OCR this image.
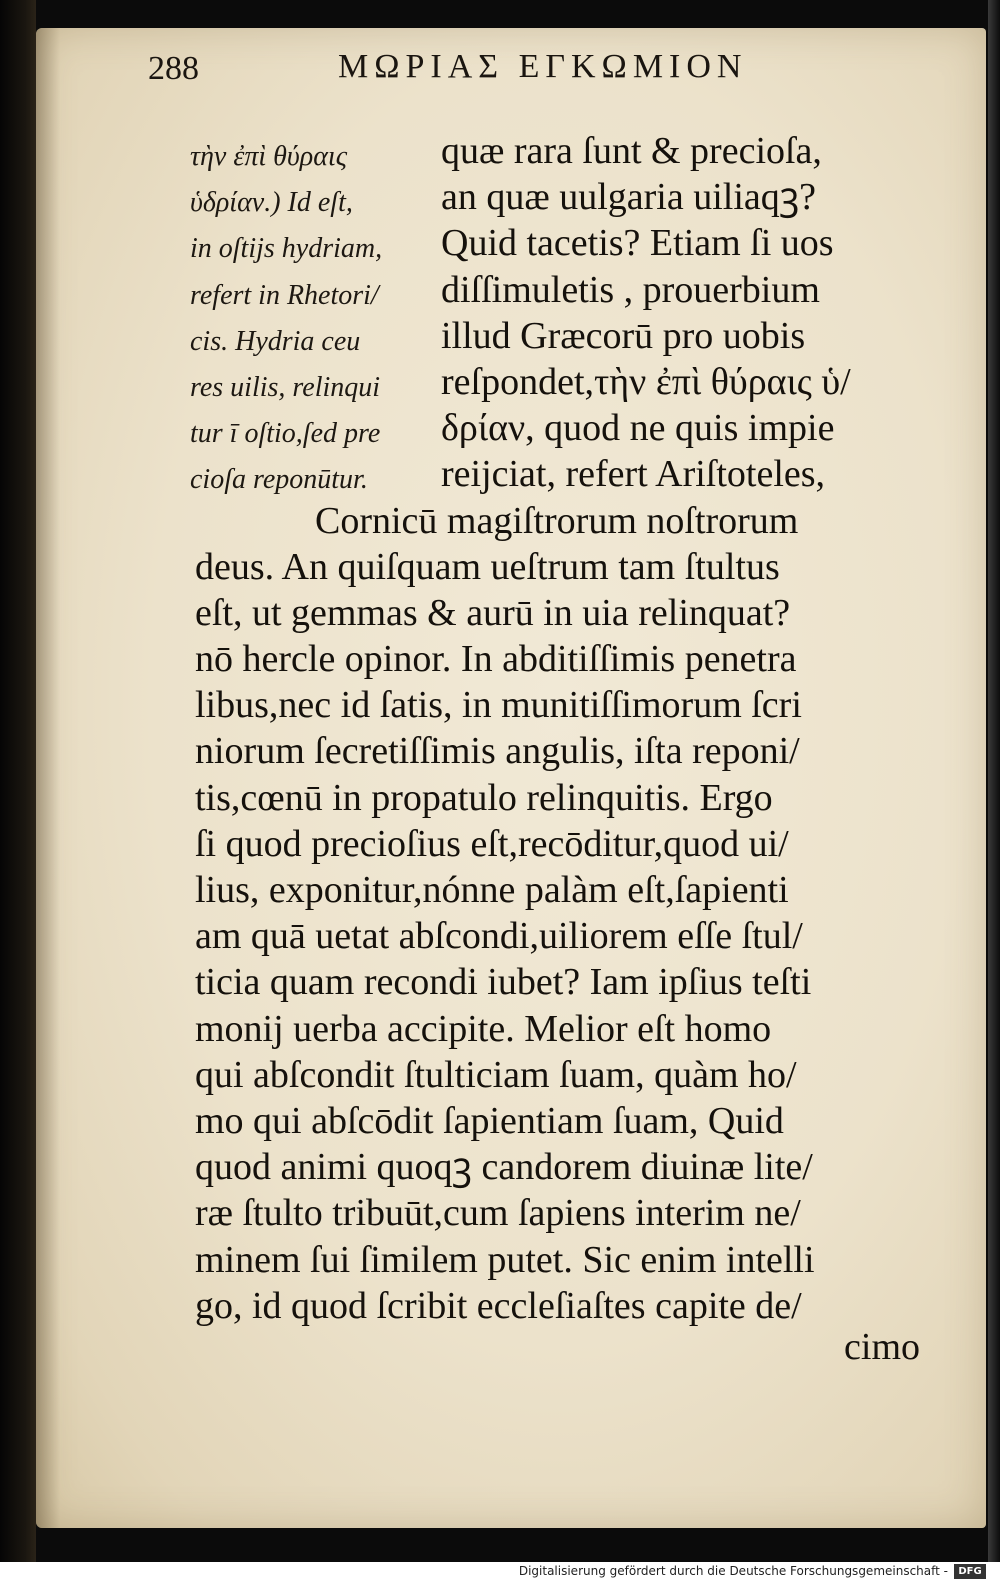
288	ΜΩΡΙΑΣ ΕΓΚΩΜΙΟΝ
τὴν ἐπὶ θύραις
ὑδρίαν.) Id eſt,
in oſtijs hydriam,
refert in Rhetori/
cis. Hydria ceu
res uilis, relinqui
tur ī oſtio,ſed pre
cioſa reponūtur.
quæ rara ſunt & precioſa,
an quæ uulgaria uiliaqꝫ?
Quid tacetis? Etiam ſi uos
diſſimuletis , prouerbium
illud Græcorū pro uobis
reſpondet,τὴν ἐπὶ θύραις ὑ/
δρίαν, quod ne quis impie
reijciat, refert Ariſtoteles,
Cornicū magiſtrorum noſtrorum
deus. An quiſquam ueſtrum tam ſtultus
eſt, ut gemmas & aurū in uia relinquat?
nō hercle opinor. In abditiſſimis penetra
libus,nec id ſatis, in munitiſſimorum ſcri
niorum ſecretiſſimis angulis, iſta reponi/
tis,cœnū in propatulo relinquitis. Ergo
ſi quod precioſius eſt,recōditur,quod ui/
lius, exponitur,nónne palàm eſt,ſapienti
am quā uetat abſcondi,uiliorem eſſe ſtul/
ticia quam recondi iubet? Iam ipſius teſti
monij uerba accipite. Melior eſt homo
qui abſcondit ſtulticiam ſuam, quàm ho/
mo qui abſcōdit ſapientiam ſuam, Quid
quod animi quoqꝫ candorem diuinæ lite/
ræ ſtulto tribuūt,cum ſapiens interim ne/
minem ſui ſimilem putet. Sic enim intelli
go, id quod ſcribit eccleſiaſtes capite de/
cimo
Digitalisierung gefördert durch die Deutsche Forschungsgemeinschaft -	DFG
